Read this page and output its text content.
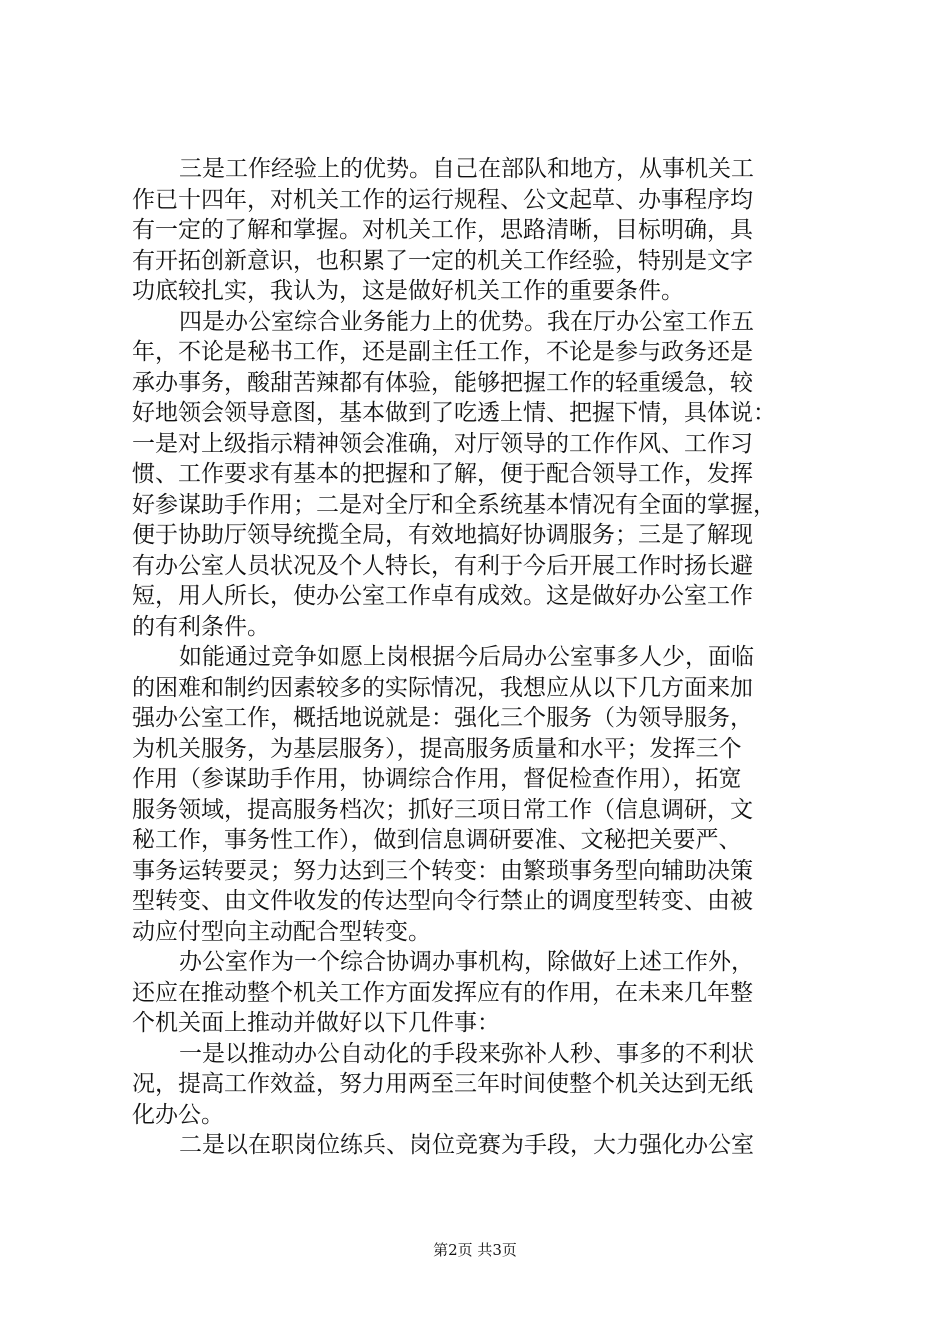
三是工作经验上的优势。自己在部队和地方，从事机关工
作已十四年，对机关工作的运行规程、公文起草、办事程序均
有一定的了解和掌握。对机关工作，思路清晰，目标明确，具
有开拓创新意识，也积累了一定的机关工作经验，特别是文字
功底较扎实，我认为，这是做好机关工作的重要条件。
四是办公室综合业务能力上的优势。我在厅办公室工作五
年，不论是秘书工作，还是副主任工作，不论是参与政务还是
承办事务，酸甜苦辣都有体验，能够把握工作的轻重缓急，较
好地领会领导意图，基本做到了吃透上情、把握下情，具体说：
一是对上级指示精神领会准确，对厅领导的工作作风、工作习
惯、工作要求有基本的把握和了解，便于配合领导工作，发挥
好参谋助手作用；二是对全厅和全系统基本情况有全面的掌握，
便于协助厅领导统揽全局，有效地搞好协调服务；三是了解现
有办公室人员状况及个人特长，有利于今后开展工作时扬长避
短，用人所长，使办公室工作卓有成效。这是做好办公室工作
的有利条件。
如能通过竞争如愿上岗根据今后局办公室事多人少，面临
的困难和制约因素较多的实际情况，我想应从以下几方面来加
强办公室工作，概括地说就是：强化三个服务（为领导服务，
为机关服务，为基层服务），提高服务质量和水平；发挥三个
作用（参谋助手作用，协调综合作用，督促检查作用），拓宽
服务领域，提高服务档次；抓好三项日常工作（信息调研，文
秘工作，事务性工作），做到信息调研要准、文秘把关要严、
事务运转要灵；努力达到三个转变：由繁琐事务型向辅助决策
型转变、由文件收发的传达型向令行禁止的调度型转变、由被
动应付型向主动配合型转变。
办公室作为一个综合协调办事机构，除做好上述工作外，
还应在推动整个机关工作方面发挥应有的作用，在未来几年整
个机关面上推动并做好以下几件事：
一是以推动办公自动化的手段来弥补人秒、事多的不利状
况，提高工作效益，努力用两至三年时间使整个机关达到无纸
化办公。
二是以在职岗位练兵、岗位竞赛为手段，大力强化办公室
第2页 共3页
